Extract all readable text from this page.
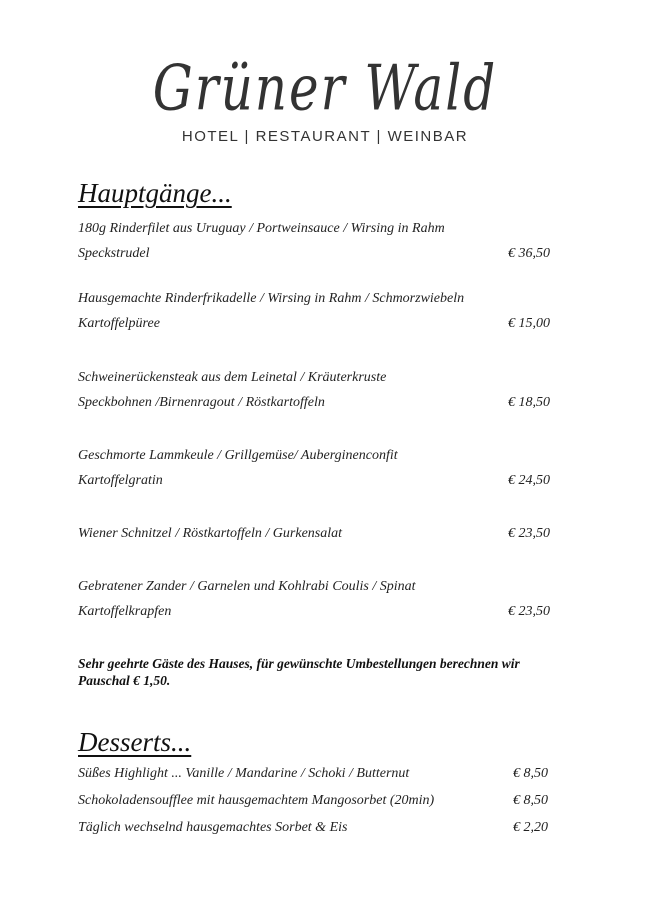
Grüner Wald
HOTEL | RESTAURANT | WEINBAR
Hauptgänge...
180g Rinderfilet aus Uruguay / Portweinsauce / Wirsing in Rahm
Speckstrudel	€ 36,50
Hausgemachte Rinderfrikadelle / Wirsing in Rahm / Schmorzwiebeln
Kartoffelpüree	€ 15,00
Schweinerückensteak aus dem Leinetal / Kräuterkruste
Speckbohnen /Birnenragout / Röstkartoffeln	€ 18,50
Geschmorte Lammkeule / Grillgemüse/ Auberginenconfit
Kartoffelgratin	€ 24,50
Wiener Schnitzel / Röstkartoffeln / Gurkensalat	€ 23,50
Gebratener Zander / Garnelen und Kohlrabi Coulis / Spinat
Kartoffelkrapfen	€ 23,50
Sehr geehrte Gäste des Hauses, für gewünschte Umbestellungen berechnen wir Pauschal € 1,50.
Desserts...
Süßes Highlight ... Vanille / Mandarine / Schoki / Butternut	€ 8,50
Schokoladensoufflee mit hausgemachtem Mangosorbet (20min)	€ 8,50
Täglich wechselnd hausgemachtes Sorbet & Eis	€ 2,20
